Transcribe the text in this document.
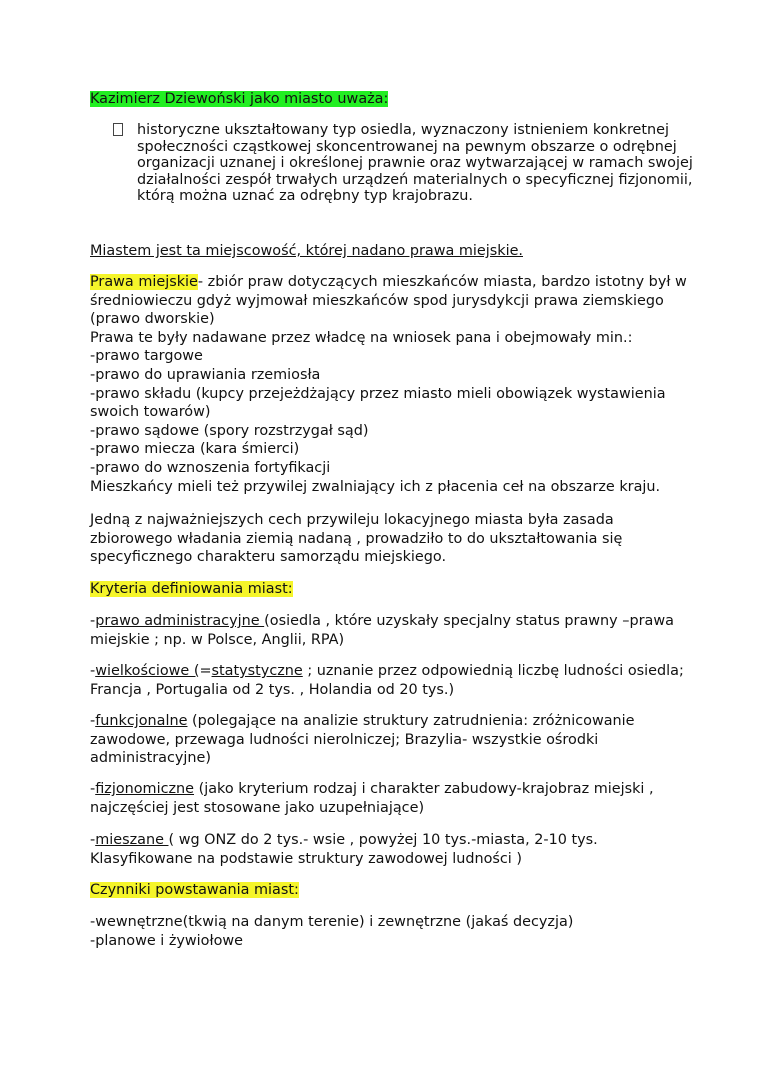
Kazimierz Dziewoński jako miasto uważa:

historyczne ukształtowany typ osiedla, wyznaczony istnieniem konkretnej społeczności cząstkowej skoncentrowanej na pewnym obszarze o odrębnej organizacji uznanej i określonej prawnie oraz wytwarzającej w ramach swojej działalności zespół trwałych urządzeń materialnych o specyficznej fizjonomii, którą można uznać za odrębny typ krajobrazu.

Miastem jest ta miejscowość, której nadano prawa miejskie.

Prawa miejskie- zbiór praw dotyczących mieszkańców miasta, bardzo istotny był w średniowieczu gdyż wyjmował mieszkańców spod jurysdykcji prawa ziemskiego (prawo dworskie)

Prawa te były nadawane przez władcę na wniosek pana i obejmowały min.:

-prawo targowe

-prawo do uprawiania rzemiosła

-prawo składu (kupcy przejeżdżający przez miasto mieli obowiązek wystawienia swoich towarów)

-prawo sądowe (spory rozstrzygał sąd)

-prawo miecza (kara śmierci)

-prawo do wznoszenia fortyfikacji

Mieszkańcy mieli też przywilej zwalniający ich z płacenia ceł na obszarze kraju.

Jedną z najważniejszych cech przywileju lokacyjnego miasta była zasada zbiorowego władania ziemią nadaną , prowadziło to do ukształtowania się specyficznego charakteru samorządu miejskiego.

Kryteria definiowania miast:

-prawo administracyjne (osiedla , które uzyskały specjalny status prawny –prawa miejskie ; np. w Polsce, Anglii, RPA)

-wielkościowe (=statystyczne ; uznanie przez odpowiednią liczbę ludności osiedla; Francja , Portugalia od 2 tys. , Holandia od 20 tys.)

-funkcjonalne (polegające na analizie struktury zatrudnienia: zróżnicowanie zawodowe, przewaga ludności nierolniczej; Brazylia- wszystkie ośrodki administracyjne)

-fizjonomiczne (jako kryterium rodzaj i charakter zabudowy-krajobraz miejski , najczęściej jest stosowane jako uzupełniające)

-mieszane ( wg ONZ do 2 tys.- wsie , powyżej 10 tys.-miasta, 2-10 tys. Klasyfikowane na podstawie struktury zawodowej ludności )

Czynniki powstawania miast:

-wewnętrzne(tkwią na danym terenie) i zewnętrzne (jakaś decyzja)

-planowe i żywiołowe
